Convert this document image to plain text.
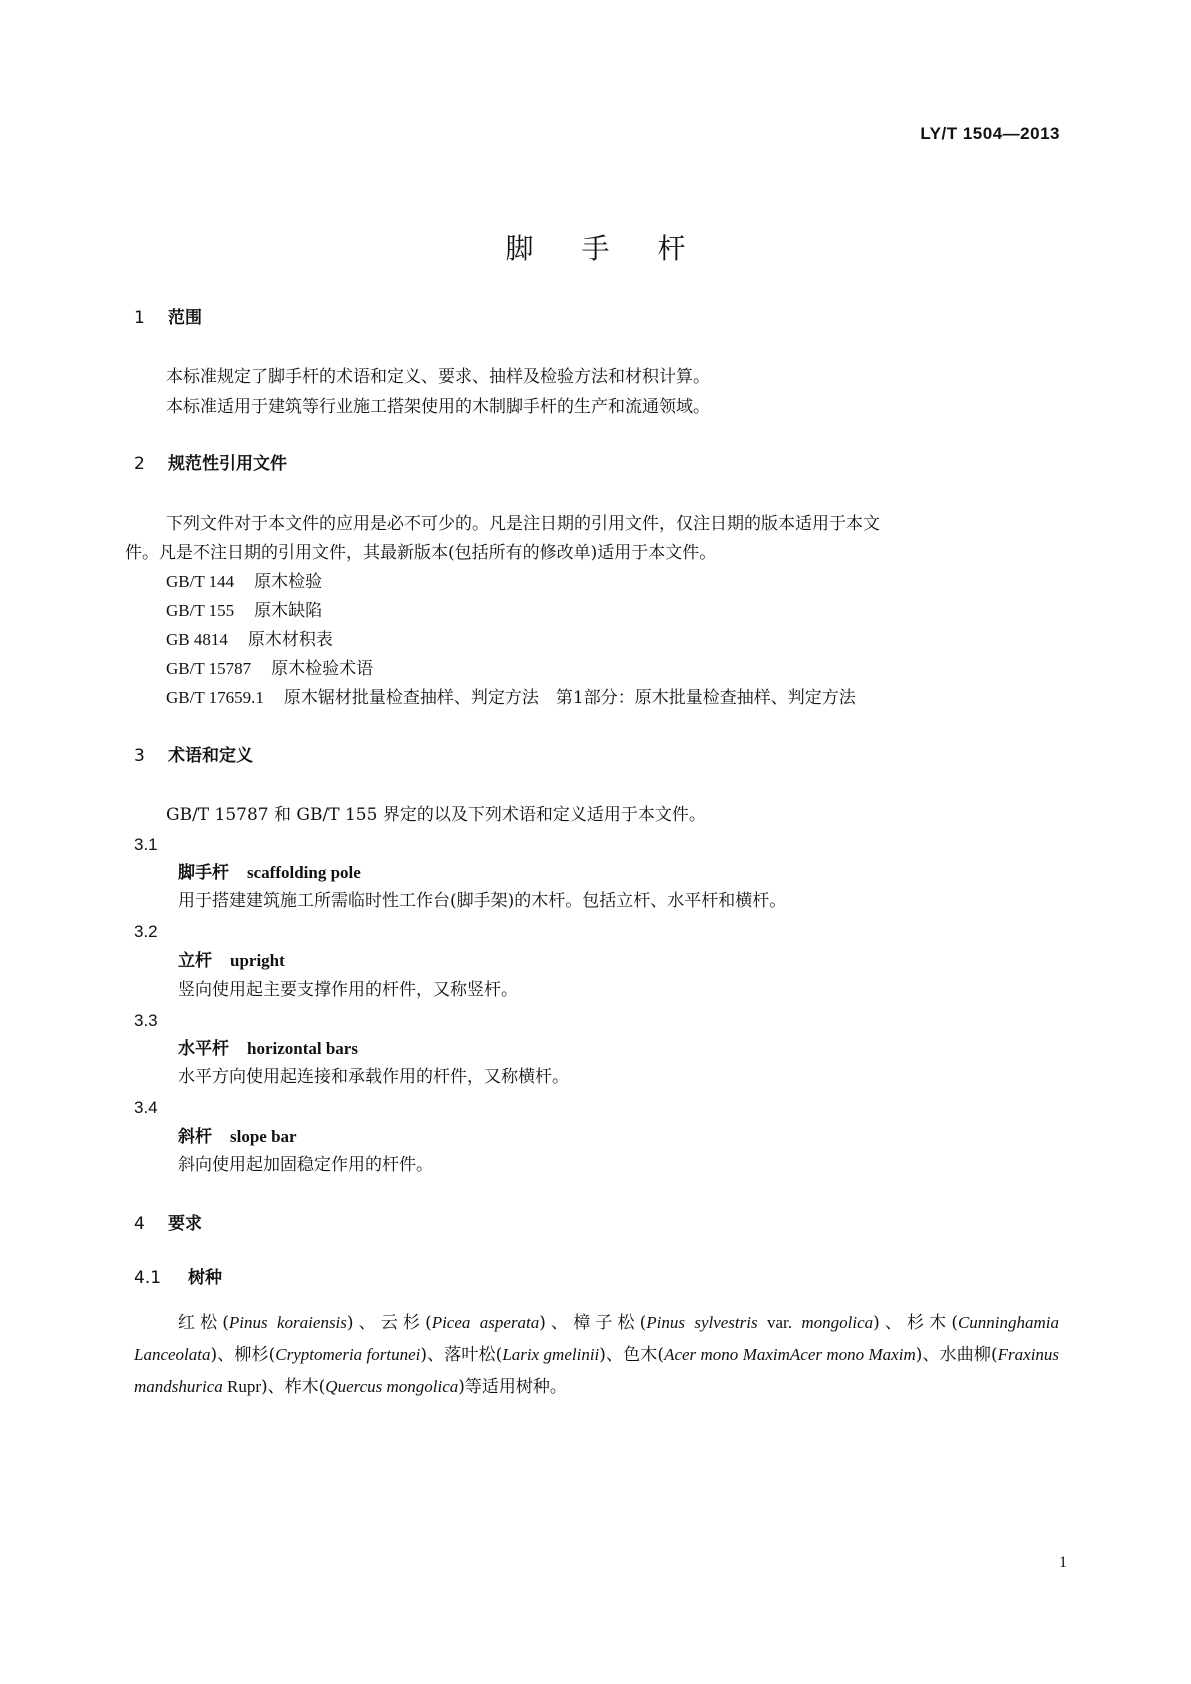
LY/T 1504—2013
脚手杆
1 范围
本标准规定了脚手杆的术语和定义、要求、抽样及检验方法和材积计算。
本标准适用于建筑等行业施工搭架使用的木制脚手杆的生产和流通领域。
2 规范性引用文件
下列文件对于本文件的应用是必不可少的。凡是注日期的引用文件，仅注日期的版本适用于本文
件。凡是不注日期的引用文件，其最新版本(包括所有的修改单)适用于本文件。
GB/T 144 原木检验
GB/T 155 原木缺陷
GB 4814 原木材积表
GB/T 15787 原木检验术语
GB/T 17659.1 原木锯材批量检查抽样、判定方法　第1部分：原木批量检查抽样、判定方法
3 术语和定义
GB/T 15787 和 GB/T 155 界定的以及下列术语和定义适用于本文件。
3.1
脚手杆 scaffolding pole
用于搭建建筑施工所需临时性工作台(脚手架)的木杆。包括立杆、水平杆和横杆。
3.2
立杆 upright
竖向使用起主要支撑作用的杆件，又称竖杆。
3.3
水平杆 horizontal bars
水平方向使用起连接和承载作用的杆件，又称横杆。
3.4
斜杆 slope bar
斜向使用起加固稳定作用的杆件。
4 要求
4.1 树种
红松(Pinus koraiensis)、云杉(Picea asperata)、樟子松(Pinus sylvestris var. mongolica)、杉木(Cunninghamia Lanceolata)、柳杉(Cryptomeria fortunei)、落叶松(Larix gmelinii)、色木(Acer mono MaximAcer mono Maxim)、水曲柳(Fraxinus mandshurica Rupr)、柞木(Quercus mongolica)等适用树种。
1
